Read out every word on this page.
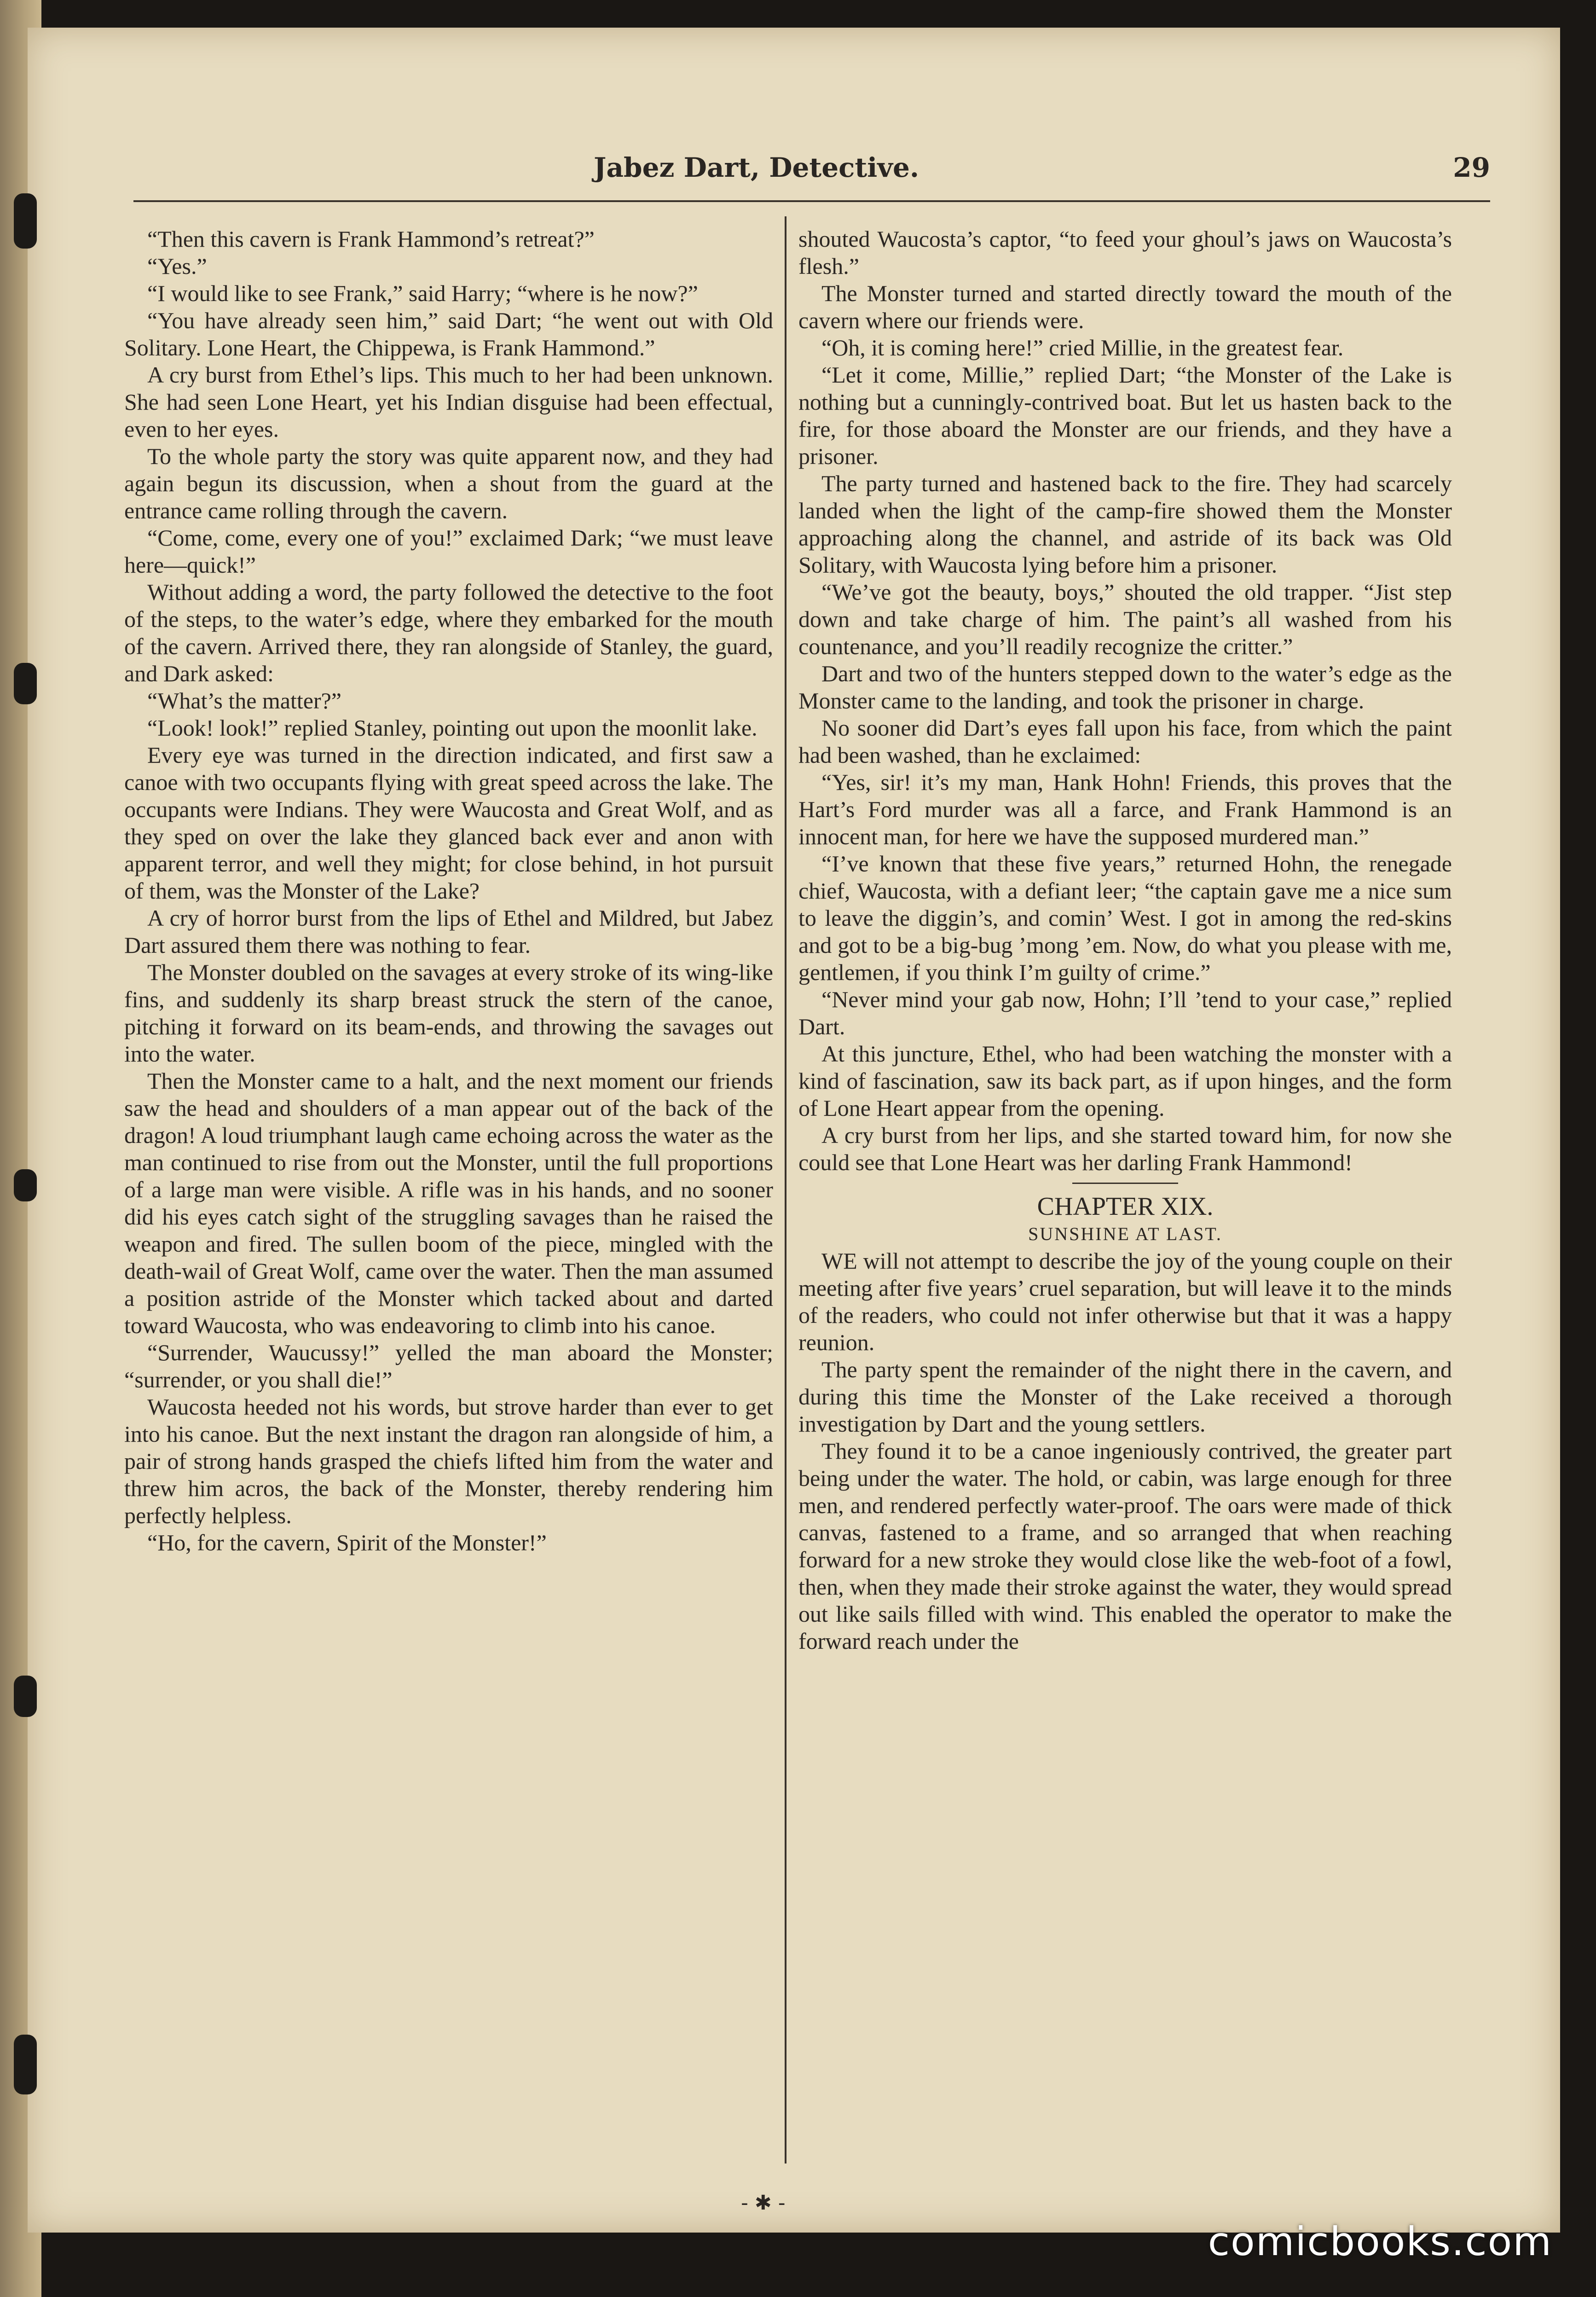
Jabez Dart, Detective.	29

“Then this cavern is Frank Hammond’s retreat?”

“Yes.”

“I would like to see Frank,” said Harry; “where is he now?”

“You have already seen him,” said Dart; “he went out with Old Solitary. Lone Heart, the Chippewa, is Frank Hammond.”

A cry burst from Ethel’s lips. This much to her had been unknown. She had seen Lone Heart, yet his Indian disguise had been effectual, even to her eyes.

To the whole party the story was quite apparent now, and they had again begun its discussion, when a shout from the guard at the entrance came rolling through the cavern.

“Come, come, every one of you!” exclaimed Dark; “we must leave here—quick!”

Without adding a word, the party followed the detective to the foot of the steps, to the water’s edge, where they embarked for the mouth of the cavern. Arrived there, they ran alongside of Stanley, the guard, and Dark asked:

“What’s the matter?”

“Look! look!” replied Stanley, pointing out upon the moonlit lake.

Every eye was turned in the direction indicated, and first saw a canoe with two occupants flying with great speed across the lake. The occupants were Indians. They were Waucosta and Great Wolf, and as they sped on over the lake they glanced back ever and anon with apparent terror, and well they might; for close behind, in hot pursuit of them, was the Monster of the Lake?

A cry of horror burst from the lips of Ethel and Mildred, but Jabez Dart assured them there was nothing to fear.

The Monster doubled on the savages at every stroke of its wing-like fins, and suddenly its sharp breast struck the stern of the canoe, pitching it forward on its beam-ends, and throwing the savages out into the water.

Then the Monster came to a halt, and the next moment our friends saw the head and shoulders of a man appear out of the back of the dragon! A loud triumphant laugh came echoing across the water as the man continued to rise from out the Monster, until the full proportions of a large man were visible. A rifle was in his hands, and no sooner did his eyes catch sight of the struggling savages than he raised the weapon and fired. The sullen boom of the piece, mingled with the death-wail of Great Wolf, came over the water. Then the man assumed a position astride of the Monster which tacked about and darted toward Waucosta, who was endeavoring to climb into his canoe.

“Surrender, Waucussy!” yelled the man aboard the Monster; “surrender, or you shall die!”

Waucosta heeded not his words, but strove harder than ever to get into his canoe. But the next instant the dragon ran alongside of him, a pair of strong hands grasped the chiefs lifted him from the water and threw him acros, the back of the Monster, thereby rendering him perfectly helpless.

“Ho, for the cavern, Spirit of the Monster!”

shouted Waucosta’s captor, “to feed your ghoul’s jaws on Waucosta’s flesh.”

The Monster turned and started directly toward the mouth of the cavern where our friends were.

“Oh, it is coming here!” cried Millie, in the greatest fear.

“Let it come, Millie,” replied Dart; “the Monster of the Lake is nothing but a cunningly-contrived boat. But let us hasten back to the fire, for those aboard the Monster are our friends, and they have a prisoner.

The party turned and hastened back to the fire. They had scarcely landed when the light of the camp-fire showed them the Monster approaching along the channel, and astride of its back was Old Solitary, with Waucosta lying before him a prisoner.

“We’ve got the beauty, boys,” shouted the old trapper. “Jist step down and take charge of him. The paint’s all washed from his countenance, and you’ll readily recognize the critter.”

Dart and two of the hunters stepped down to the water’s edge as the Monster came to the landing, and took the prisoner in charge.

No sooner did Dart’s eyes fall upon his face, from which the paint had been washed, than he exclaimed:

“Yes, sir! it’s my man, Hank Hohn! Friends, this proves that the Hart’s Ford murder was all a farce, and Frank Hammond is an innocent man, for here we have the supposed murdered man.”

“I’ve known that these five years,” returned Hohn, the renegade chief, Waucosta, with a defiant leer; “the captain gave me a nice sum to leave the diggin’s, and comin’ West. I got in among the red-skins and got to be a big-bug ’mong ’em. Now, do what you please with me, gentlemen, if you think I’m guilty of crime.”

“Never mind your gab now, Hohn; I’ll ’tend to your case,” replied Dart.

At this juncture, Ethel, who had been watching the monster with a kind of fascination, saw its back part, as if upon hinges, and the form of Lone Heart appear from the opening.

A cry burst from her lips, and she started toward him, for now she could see that Lone Heart was her darling Frank Hammond!

CHAPTER XIX.

SUNSHINE AT LAST.

WE will not attempt to describe the joy of the young couple on their meeting after five years’ cruel separation, but will leave it to the minds of the readers, who could not infer otherwise but that it was a happy reunion.

The party spent the remainder of the night there in the cavern, and during this time the Monster of the Lake received a thorough investigation by Dart and the young settlers.

They found it to be a canoe ingeniously contrived, the greater part being under the water. The hold, or cabin, was large enough for three men, and rendered perfectly water-proof. The oars were made of thick canvas, fastened to a frame, and so arranged that when reaching forward for a new stroke they would close like the web-foot of a fowl, then, when they made their stroke against the water, they would spread out like sails filled with wind. This enabled the operator to make the forward reach under the

- ✱ -
comicbooks.com
